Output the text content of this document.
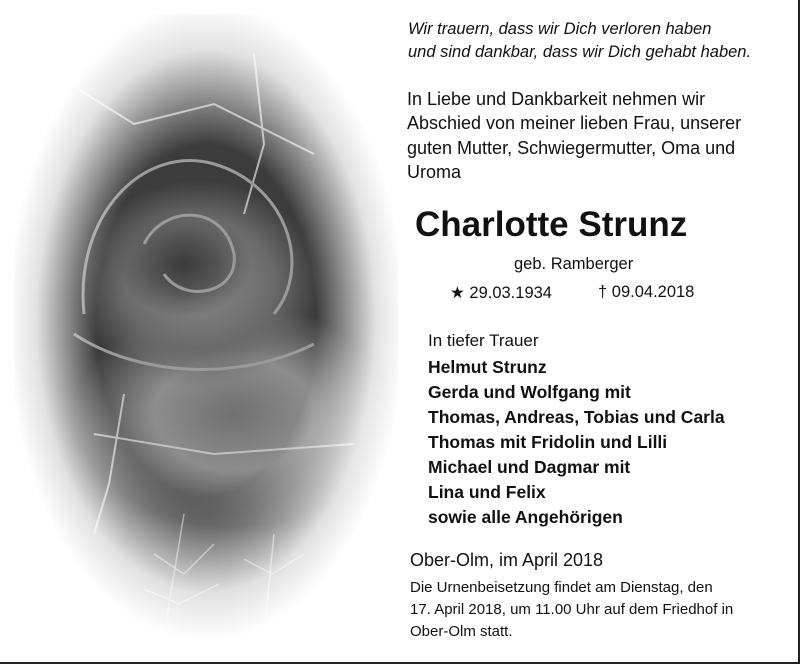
Wir trauern, dass wir Dich verloren haben
und sind dankbar, dass wir Dich gehabt haben.
In Liebe und Dankbarkeit nehmen wir
Abschied von meiner lieben Frau, unserer
guten Mutter, Schwiegermutter, Oma und
Uroma
Charlotte Strunz
geb. Ramberger
★ 29.03.1934	† 09.04.2018
In tiefer Trauer
Helmut Strunz
Gerda und Wolfgang mit
Thomas, Andreas, Tobias und Carla
Thomas mit Fridolin und Lilli
Michael und Dagmar mit
Lina und Felix
sowie alle Angehörigen
Ober-Olm, im April 2018
Die Urnenbeisetzung findet am Dienstag, den
17. April 2018, um 11.00 Uhr auf dem Friedhof in
Ober-Olm statt.
